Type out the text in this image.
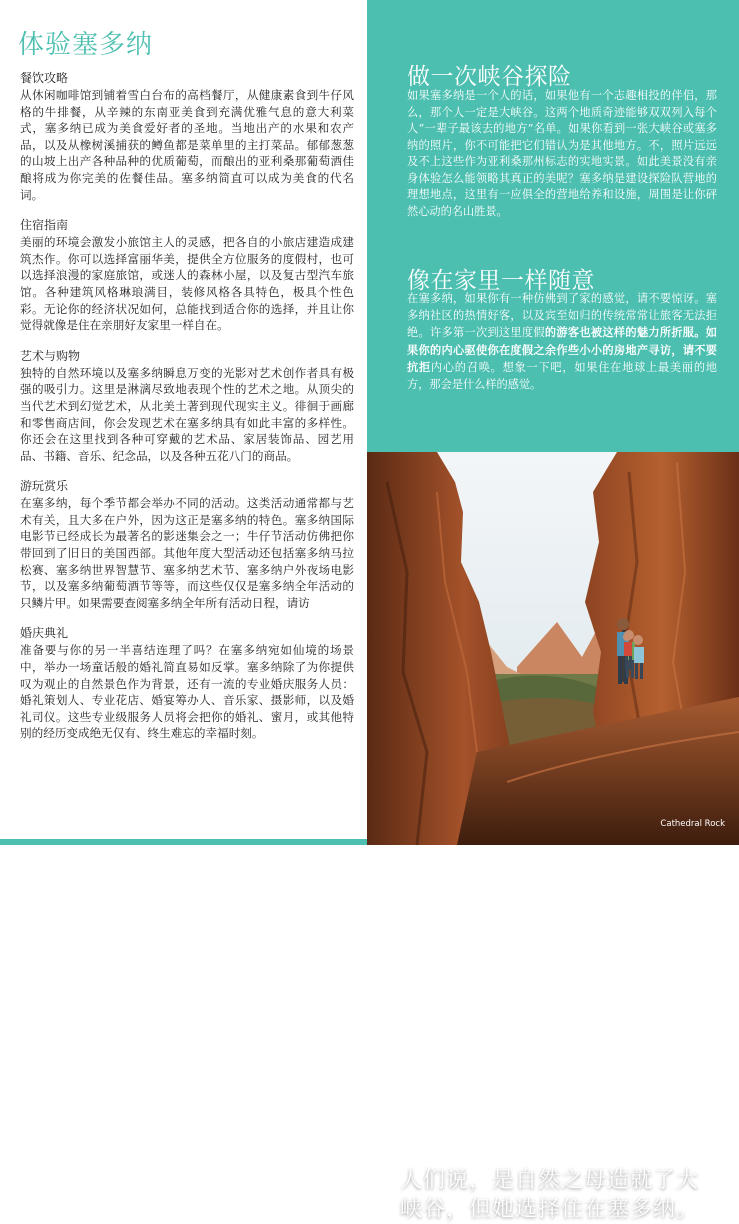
体验塞多纳
餐饮攻略

从休闲咖啡馆到铺着雪白台布的高档餐厅，从健康素食到牛仔风格的牛排餐，从辛辣的东南亚美食到充满优雅气息的意大利菜式，塞多纳已成为美食爱好者的圣地。当地出产的水果和农产品，以及从橡树溪捕获的鳟鱼都是菜单里的主打菜品。郁郁葱葱的山坡上出产各种品种的优质葡萄，而酿出的亚利桑那葡萄酒佳酿将成为你完美的佐餐佳品。塞多纳简直可以成为美食的代名词。

住宿指南

美丽的环境会激发小旅馆主人的灵感，把各自的小旅店建造成建筑杰作。你可以选择富丽华美，提供全方位服务的度假村，也可以选择浪漫的家庭旅馆，或迷人的森林小屋，以及复古型汽车旅馆。各种建筑风格琳琅满目，装修风格各具特色，极具个性色彩。无论你的经济状况如何，总能找到适合你的选择，并且让你觉得就像是住在亲朋好友家里一样自在。

艺术与购物

独特的自然环境以及塞多纳瞬息万变的光影对艺术创作者具有极强的吸引力。这里是淋漓尽致地表现个性的艺术之地。从顶尖的当代艺术到幻觉艺术，从北美土著到现代现实主义。徘徊于画廊和零售商店间，你会发现艺术在塞多纳具有如此丰富的多样性。你还会在这里找到各种可穿戴的艺术品、家居装饰品、园艺用品、书籍、音乐、纪念品，以及各种五花八门的商品。

游玩赏乐

在塞多纳，每个季节都会举办不同的活动。这类活动通常都与艺术有关，且大多在户外，因为这正是塞多纳的特色。塞多纳国际电影节已经成长为最著名的影迷集会之一；牛仔节活动仿佛把你带回到了旧日的美国西部。其他年度大型活动还包括塞多纳马拉松赛、塞多纳世界智慧节、塞多纳艺术节、塞多纳户外夜场电影节，以及塞多纳葡萄酒节等等，而这些仅仅是塞多纳全年活动的只鳞片甲。如果需要查阅塞多纳全年所有活动日程，请访

婚庆典礼

准备要与你的另一半喜结连理了吗？在塞多纳宛如仙境的场景中，举办一场童话般的婚礼简直易如反掌。塞多纳除了为你提供叹为观止的自然景色作为背景，还有一流的专业婚庆服务人员：婚礼策划人、专业花店、婚宴筹办人、音乐家、摄影师，以及婚礼司仪。这些专业级服务人员将会把你的婚礼、蜜月，或其他特别的经历变成绝无仅有、终生难忘的幸福时刻。

做一次峡谷探险

如果塞多纳是一个人的话，如果他有一个志趣相投的伴侣，那么，那个人一定是大峡谷。这两个地质奇迹能够双双列入每个人“一辈子最该去的地方”名单。如果你看到一张大峡谷或塞多纳的照片，你不可能把它们错认为是其他地方。不，照片远远及不上这些作为亚利桑那州标志的实地实景。如此美景没有亲身体验怎么能领略其真正的美呢？塞多纳是建设探险队营地的理想地点，这里有一应俱全的营地给养和设施，周围是让你砰然心动的名山胜景。

像在家里一样随意

在塞多纳，如果你有一种仿佛到了家的感觉，请不要惊讶。塞多纳社区的热情好客，以及宾至如归的传统常常让旅客无法拒绝。许多第一次到这里度假的游客也被这样的魅力所折服。如果你的内心驱使你在度假之余作些小小的房地产寻访，请不要抗拒内心的召唤。想象一下吧，如果住在地球上最美丽的地方，那会是什么样的感觉。

人们说，是自然之母造就了大峡谷，但她选择住在塞多纳。
Cathedral Rock
